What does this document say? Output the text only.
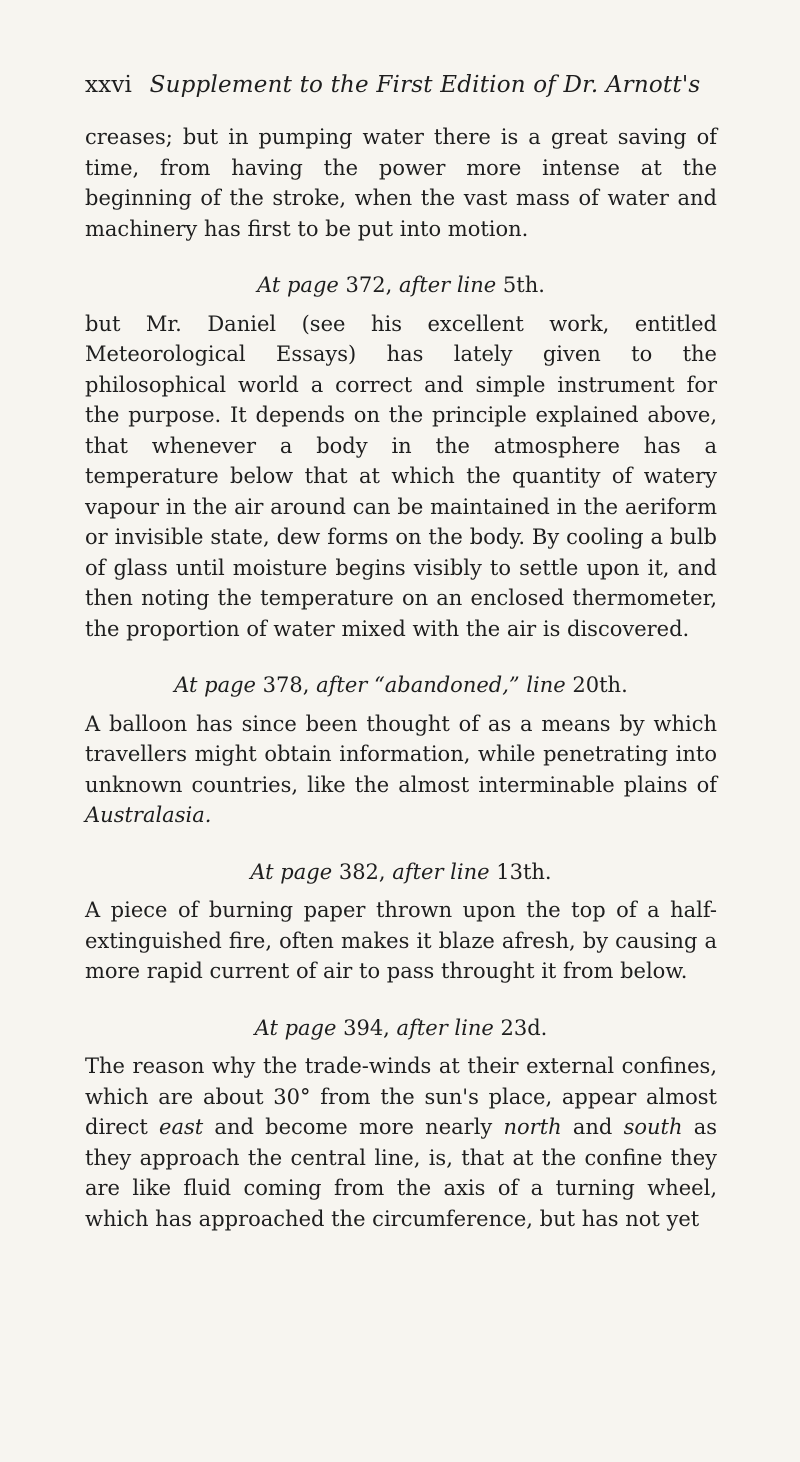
xxvi Supplement to the First Edition of Dr. Arnott's

creases; but in pumping water there is a great saving of time, from having the power more intense at the beginning of the stroke, when the vast mass of water and machinery has first to be put into motion.

At page 372, after line 5th.

but Mr. Daniel (see his excellent work, entitled Meteorological Essays) has lately given to the philosophical world a correct and simple instrument for the purpose. It depends on the principle explained above, that whenever a body in the atmosphere has a temperature below that at which the quantity of watery vapour in the air around can be maintained in the aeriform or invisible state, dew forms on the body. By cooling a bulb of glass until moisture begins visibly to settle upon it, and then noting the temperature on an enclosed thermometer, the proportion of water mixed with the air is discovered.

At page 378, after “abandoned,” line 20th.

A balloon has since been thought of as a means by which travellers might obtain information, while penetrating into unknown countries, like the almost interminable plains of Australasia.

At page 382, after line 13th.

A piece of burning paper thrown upon the top of a half-extinguished fire, often makes it blaze afresh, by causing a more rapid current of air to pass throught it from below.

At page 394, after line 23d.

The reason why the trade-winds at their external confines, which are about 30° from the sun's place, appear almost direct east and become more nearly north and south as they approach the central line, is, that at the confine they are like fluid coming from the axis of a turning wheel, which has approached the circumference, but has not yet
